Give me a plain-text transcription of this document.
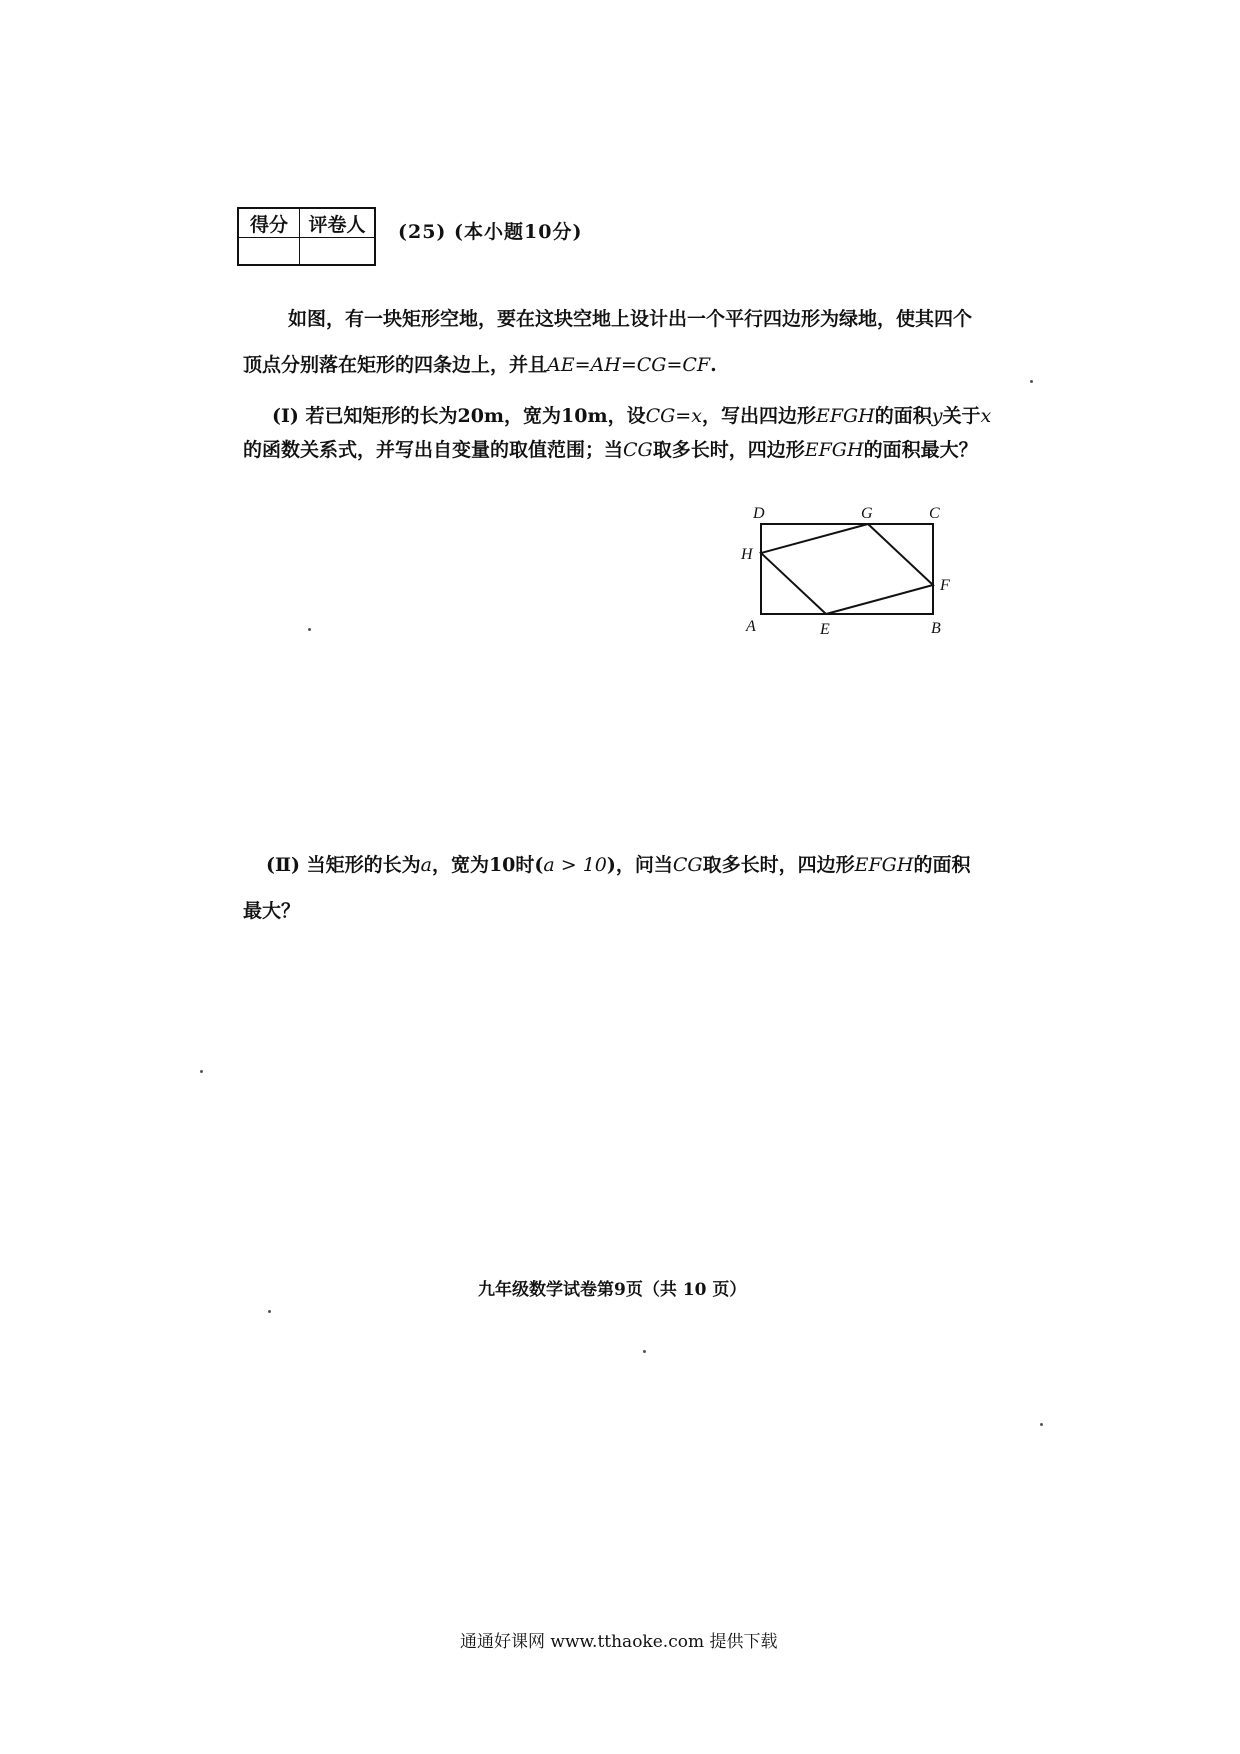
得分	评卷人
	(25) (本小题10分)
如图，有一块矩形空地，要在这块空地上设计出一个平行四边形为绿地，使其四个
顶点分别落在矩形的四条边上，并且AE=AH=CG=CF.
(Ⅰ) 若已知矩形的长为20m，宽为10m，设CG=x，写出四边形EFGH的面积y关于x
的函数关系式，并写出自变量的取值范围；当CG取多长时，四边形EFGH的面积最大？
D	G	C
H
F
A	E	B
(Ⅱ) 当矩形的长为a，宽为10时(a > 10)，问当CG取多长时，四边形EFGH的面积
最大？
九年级数学试卷第9页（共 10 页）
通通好课网 www.tthaoke.com 提供下载
